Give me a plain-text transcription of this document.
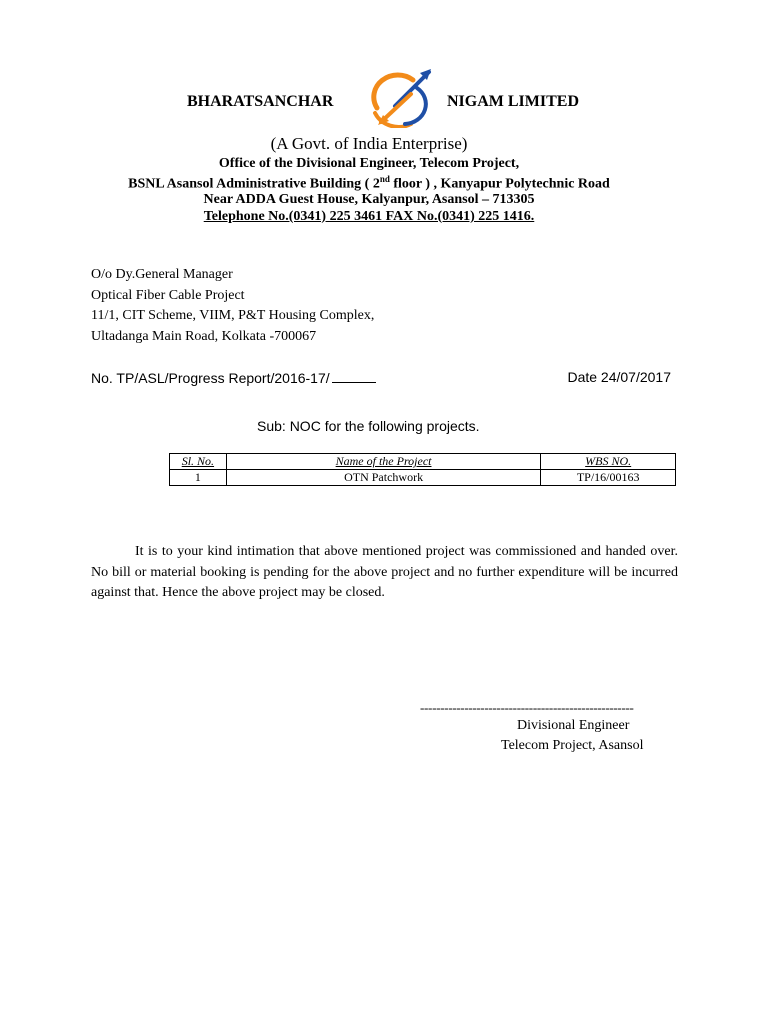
BHARATSANCHAR	NIGAM LIMITED
(A Govt. of India Enterprise)
Office of the Divisional Engineer, Telecom Project,
BSNL Asansol Administrative Building ( 2nd floor ) , Kanyapur Polytechnic Road
Near ADDA Guest House, Kalyanpur, Asansol – 713305
Telephone No.(0341) 225 3461 FAX No.(0341) 225 1416.
O/o Dy.General Manager
Optical Fiber Cable Project
11/1, CIT Scheme, VIIM, P&T Housing Complex,
Ultadanga Main Road, Kolkata -700067
No. TP/ASL/Progress Report/2016-17/	Date 24/07/2017
Sub: NOC for the following projects.
Sl. No.	Name of the Project	WBS NO.
1	OTN Patchwork	TP/16/00163
It is to your kind intimation that above mentioned project was commissioned and handed over. No bill or material booking is pending for the above project and no further expenditure will be incurred against that. Hence the above project may be closed.
-----------------------------------------------------
Divisional Engineer
Telecom Project, Asansol
